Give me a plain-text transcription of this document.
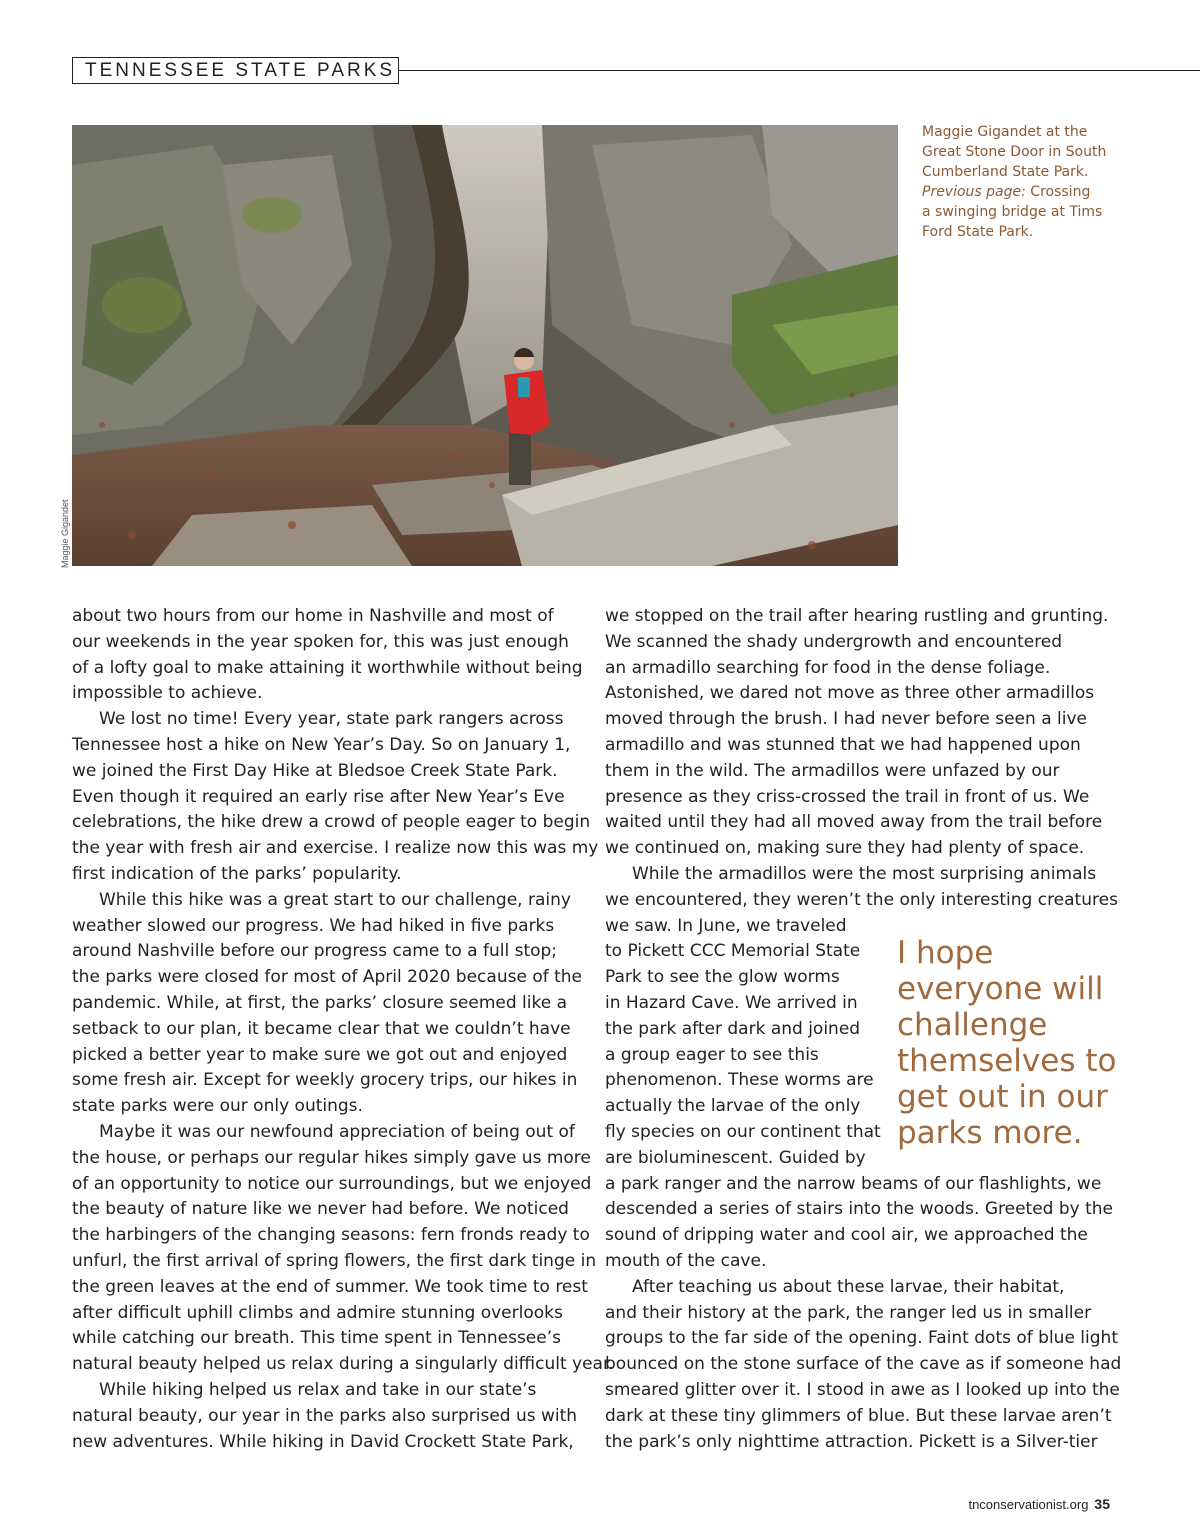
TENNESSEE STATE PARKS
Maggie Gigandet
Maggie Gigandet at the
Great Stone Door in South
Cumberland State Park.
Previous page: Crossing
a swinging bridge at Tims
Ford State Park.
about two hours from our home in Nashville and most of
our weekends in the year spoken for, this was just enough
of a lofty goal to make attaining it worthwhile without being
impossible to achieve.
We lost no time! Every year, state park rangers across
Tennessee host a hike on New Year’s Day. So on January 1,
we joined the First Day Hike at Bledsoe Creek State Park.
Even though it required an early rise after New Year’s Eve
celebrations, the hike drew a crowd of people eager to begin
the year with fresh air and exercise. I realize now this was my
first indication of the parks’ popularity.
While this hike was a great start to our challenge, rainy
weather slowed our progress. We had hiked in five parks
around Nashville before our progress came to a full stop;
the parks were closed for most of April 2020 because of the
pandemic. While, at first, the parks’ closure seemed like a
setback to our plan, it became clear that we couldn’t have
picked a better year to make sure we got out and enjoyed
some fresh air. Except for weekly grocery trips, our hikes in
state parks were our only outings.
Maybe it was our newfound appreciation of being out of
the house, or perhaps our regular hikes simply gave us more
of an opportunity to notice our surroundings, but we enjoyed
the beauty of nature like we never had before. We noticed
the harbingers of the changing seasons: fern fronds ready to
unfurl, the first arrival of spring flowers, the first dark tinge in
the green leaves at the end of summer. We took time to rest
after difficult uphill climbs and admire stunning overlooks
while catching our breath. This time spent in Tennessee’s
natural beauty helped us relax during a singularly difficult year.
While hiking helped us relax and take in our state’s
natural beauty, our year in the parks also surprised us with
new adventures. While hiking in David Crockett State Park,
we stopped on the trail after hearing rustling and grunting.
We scanned the shady undergrowth and encountered
an armadillo searching for food in the dense foliage.
Astonished, we dared not move as three other armadillos
moved through the brush. I had never before seen a live
armadillo and was stunned that we had happened upon
them in the wild. The armadillos were unfazed by our
presence as they criss-crossed the trail in front of us. We
waited until they had all moved away from the trail before
we continued on, making sure they had plenty of space.
While the armadillos were the most surprising animals
we encountered, they weren’t the only interesting creatures
we saw. In June, we traveled
to Pickett CCC Memorial State
Park to see the glow worms
in Hazard Cave. We arrived in
the park after dark and joined
a group eager to see this
phenomenon. These worms are
actually the larvae of the only
fly species on our continent that
are bioluminescent. Guided by
a park ranger and the narrow beams of our flashlights, we
descended a series of stairs into the woods. Greeted by the
sound of dripping water and cool air, we approached the
mouth of the cave.
After teaching us about these larvae, their habitat,
and their history at the park, the ranger led us in smaller
groups to the far side of the opening. Faint dots of blue light
bounced on the stone surface of the cave as if someone had
smeared glitter over it. I stood in awe as I looked up into the
dark at these tiny glimmers of blue. But these larvae aren’t
the park’s only nighttime attraction. Pickett is a Silver-tier
I hope
everyone will
challenge
themselves to
get out in our
parks more.
tnconservationist.org 35
